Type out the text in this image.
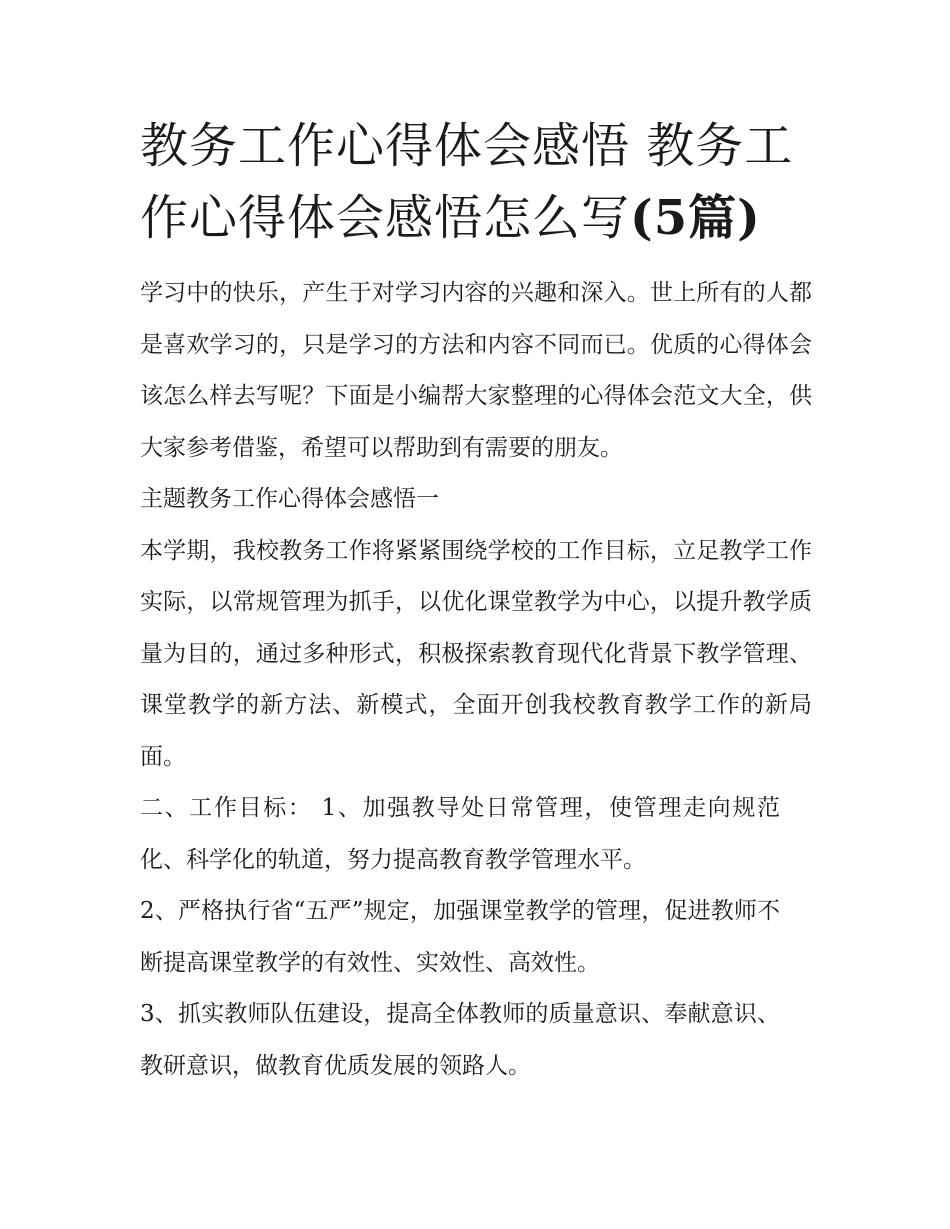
教务工作心得体会感悟 教务工作心得体会感悟怎么写(5篇)

学习中的快乐，产生于对学习内容的兴趣和深入。世上所有的人都是喜欢学习的，只是学习的方法和内容不同而已。优质的心得体会该怎么样去写呢？下面是小编帮大家整理的心得体会范文大全，供大家参考借鉴，希望可以帮助到有需要的朋友。

主题教务工作心得体会感悟一

本学期，我校教务工作将紧紧围绕学校的工作目标，立足教学工作实际，以常规管理为抓手，以优化课堂教学为中心，以提升教学质量为目的，通过多种形式，积极探索教育现代化背景下教学管理、课堂教学的新方法、新模式，全面开创我校教育教学工作的新局面。

二、工作目标： 1、加强教导处日常管理，使管理走向规范化、科学化的轨道，努力提高教育教学管理水平。

2、严格执行省“五严”规定，加强课堂教学的管理，促进教师不断提高课堂教学的有效性、实效性、高效性。

3、抓实教师队伍建设，提高全体教师的质量意识、奉献意识、教研意识，做教育优质发展的领路人。
